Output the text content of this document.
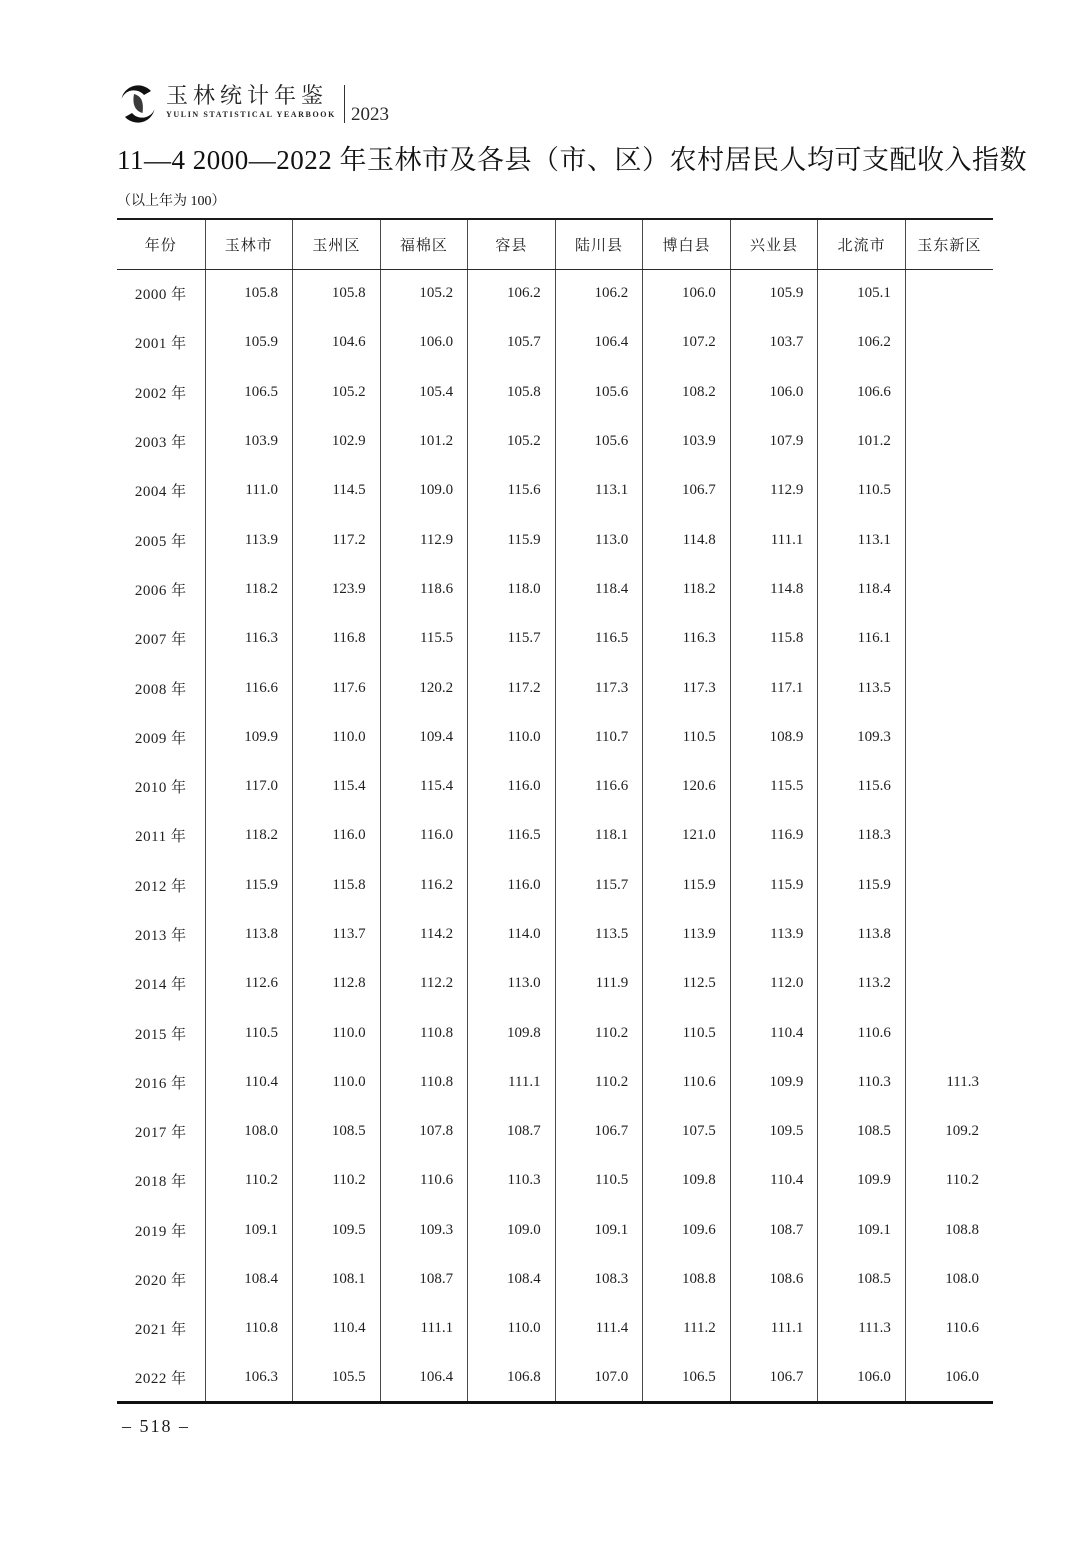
玉林统计年鉴
YULIN STATISTICAL YEARBOOK 2023
11—4 2000—2022 年玉林市及各县（市、区）农村居民人均可支配收入指数
（以上年为 100）
年份	玉林市	玉州区	福棉区	容县	陆川县	博白县	兴业县	北流市	玉东新区
2000 年	105.8	105.8	105.2	106.2	106.2	106.0	105.9	105.1	
2001 年	105.9	104.6	106.0	105.7	106.4	107.2	103.7	106.2	
2002 年	106.5	105.2	105.4	105.8	105.6	108.2	106.0	106.6	
2003 年	103.9	102.9	101.2	105.2	105.6	103.9	107.9	101.2	
2004 年	111.0	114.5	109.0	115.6	113.1	106.7	112.9	110.5	
2005 年	113.9	117.2	112.9	115.9	113.0	114.8	111.1	113.1	
2006 年	118.2	123.9	118.6	118.0	118.4	118.2	114.8	118.4	
2007 年	116.3	116.8	115.5	115.7	116.5	116.3	115.8	116.1	
2008 年	116.6	117.6	120.2	117.2	117.3	117.3	117.1	113.5	
2009 年	109.9	110.0	109.4	110.0	110.7	110.5	108.9	109.3	
2010 年	117.0	115.4	115.4	116.0	116.6	120.6	115.5	115.6	
2011 年	118.2	116.0	116.0	116.5	118.1	121.0	116.9	118.3	
2012 年	115.9	115.8	116.2	116.0	115.7	115.9	115.9	115.9	
2013 年	113.8	113.7	114.2	114.0	113.5	113.9	113.9	113.8	
2014 年	112.6	112.8	112.2	113.0	111.9	112.5	112.0	113.2	
2015 年	110.5	110.0	110.8	109.8	110.2	110.5	110.4	110.6	
2016 年	110.4	110.0	110.8	111.1	110.2	110.6	109.9	110.3	111.3
2017 年	108.0	108.5	107.8	108.7	106.7	107.5	109.5	108.5	109.2
2018 年	110.2	110.2	110.6	110.3	110.5	109.8	110.4	109.9	110.2
2019 年	109.1	109.5	109.3	109.0	109.1	109.6	108.7	109.1	108.8
2020 年	108.4	108.1	108.7	108.4	108.3	108.8	108.6	108.5	108.0
2021 年	110.8	110.4	111.1	110.0	111.4	111.2	111.1	111.3	110.6
2022 年	106.3	105.5	106.4	106.8	107.0	106.5	106.7	106.0	106.0
– 518 –
